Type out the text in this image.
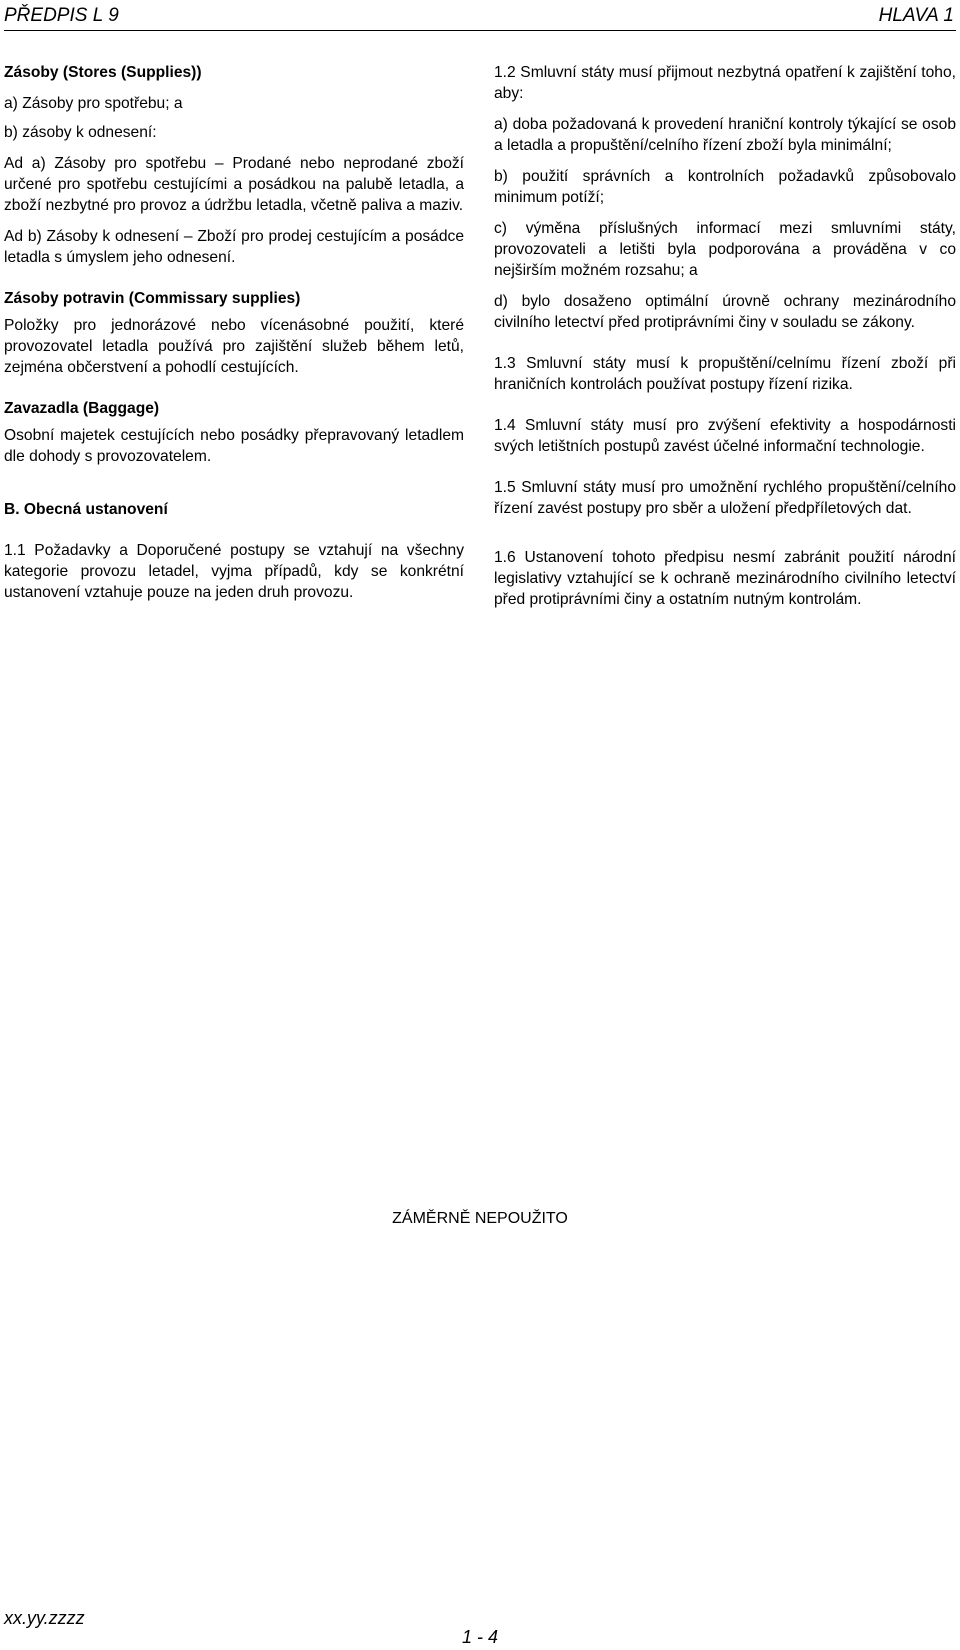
PŘEDPIS L 9	HLAVA 1

Zásoby (Stores (Supplies))

a) Zásoby pro spotřebu; a

b) zásoby k odnesení:

Ad a) Zásoby pro spotřebu – Prodané nebo neprodané zboží určené pro spotřebu cestujícími a posádkou na palubě letadla, a zboží nezbytné pro provoz a údržbu letadla, včetně paliva a maziv.

Ad b) Zásoby k odnesení – Zboží pro prodej cestujícím a posádce letadla s úmyslem jeho odnesení.

Zásoby potravin (Commissary supplies)

Položky pro jednorázové nebo vícenásobné použití, které provozovatel letadla používá pro zajištění služeb během letů, zejména občerstvení a pohodlí cestujících.

Zavazadla (Baggage)

Osobní majetek cestujících nebo posádky přepravovaný letadlem dle dohody s provozovatelem.

B. Obecná ustanovení

1.1 Požadavky a Doporučené postupy se vztahují na všechny kategorie provozu letadel, vyjma případů, kdy se konkrétní ustanovení vztahuje pouze na jeden druh provozu.

1.2 Smluvní státy musí přijmout nezbytná opatření k zajištění toho, aby:

a) doba požadovaná k provedení hraniční kontroly týkající se osob a letadla a propuštění/celního řízení zboží byla minimální;

b) použití správních a kontrolních požadavků způsobovalo minimum potíží;

c) výměna příslušných informací mezi smluvními státy, provozovateli a letišti byla podporována a prováděna v co nejširším možném rozsahu; a

d) bylo dosaženo optimální úrovně ochrany mezinárodního civilního letectví před protiprávními činy v souladu se zákony.

1.3 Smluvní státy musí k propuštění/celnímu řízení zboží při hraničních kontrolách používat postupy řízení rizika.

1.4 Smluvní státy musí pro zvýšení efektivity a hospodárnosti svých letištních postupů zavést účelné informační technologie.

1.5 Smluvní státy musí pro umožnění rychlého propuštění/celního řízení zavést postupy pro sběr a uložení předpříletových dat.

1.6 Ustanovení tohoto předpisu nesmí zabránit použití národní legislativy vztahující se k ochraně mezinárodního civilního letectví před protiprávními činy a ostatním nutným kontrolám.

ZÁMĚRNĚ NEPOUŽITO
xx.yy.zzzz
1 - 4
